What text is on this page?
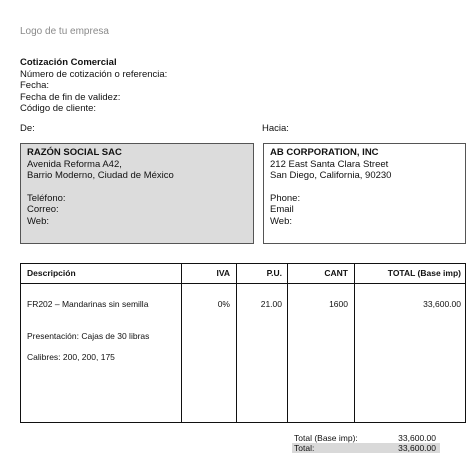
Logo de tu empresa
Cotización Comercial
Número de cotización o referencia:
Fecha:
Fecha de fin de validez:
Código de cliente:
De:	Hacia:
RAZÓN SOCIAL SAC
Avenida Reforma A42,
Barrio Moderno, Ciudad de México
Teléfono:
Correo:
Web:
AB CORPORATION, INC
212 East Santa Clara Street
San Diego, California, 90230
Phone:
Email
Web:
Descripción	IVA	P.U.	CANT	TOTAL (Base imp)
FR202 – Mandarinas sin semilla	0%	21.00	1600	33,600.00
Presentación: Cajas de 30 libras
Calibres: 200, 200, 175
Total (Base imp):	33,600.00
Total:	33,600.00
